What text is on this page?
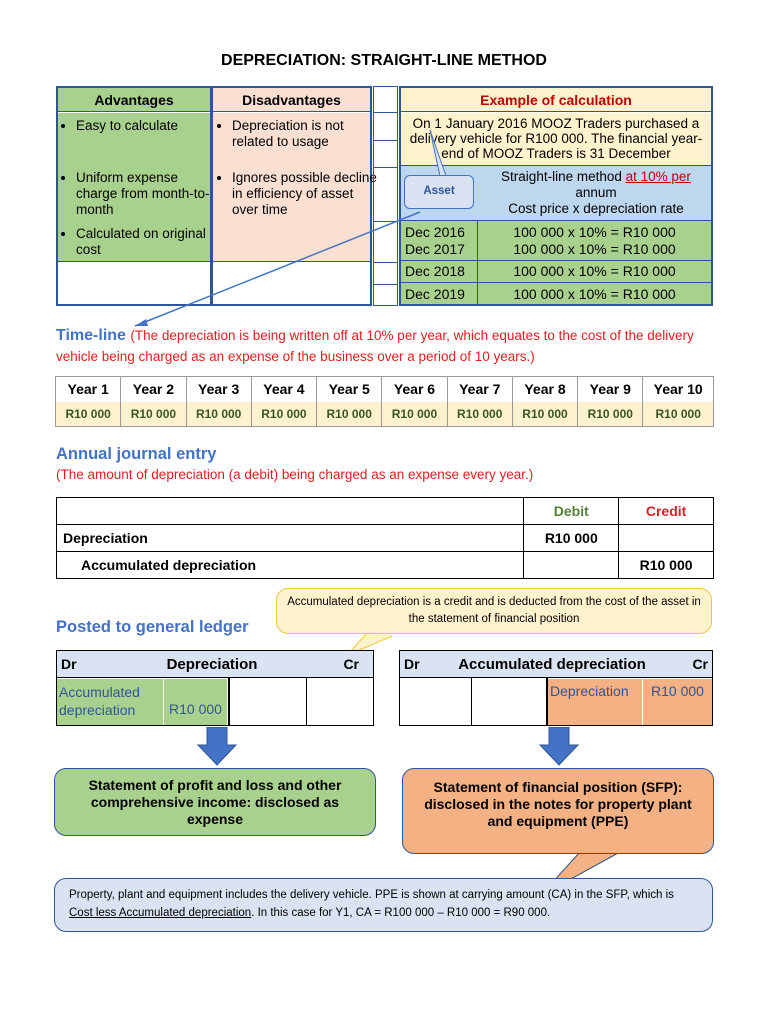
DEPRECIATION: STRAIGHT-LINE METHOD
Advantages	Disadvantages
• Easy to calculate
• Uniform expense charge from month-to-month
• Calculated on original cost
• Depreciation is not related to usage
• Ignores possible decline in efficiency of asset over time
Example of calculation
On 1 January 2016 MOOZ Traders purchased a delivery vehicle for R100 000. The financial year-end of MOOZ Traders is 31 December
Straight-line method at 10% per
annum
Cost price x depreciation rate
Dec 2016	100 000 x 10% = R10 000
Dec 2017	100 000 x 10% = R10 000
Dec 2018	100 000 x 10% = R10 000
Dec 2019	100 000 x 10% = R10 000
Asset
Time-line (The depreciation is being written off at 10% per year, which equates to the cost of the delivery vehicle being charged as an expense of the business over a period of 10 years.)
Year 1	Year 2	Year 3	Year 4	Year 5	Year 6	Year 7	Year 8	Year 9	Year 10
R10 000	R10 000	R10 000	R10 000	R10 000	R10 000	R10 000	R10 000	R10 000	R10 000
Annual journal entry
(The amount of depreciation (a debit) being charged as an expense every year.)
	Debit	Credit
Depreciation	R10 000	
Accumulated depreciation		R10 000
Posted to general ledger
Accumulated depreciation is a credit and is deducted from the cost of the asset in the statement of financial position
Dr	Depreciation	Cr
Accumulated depreciation	R10 000
Dr	Accumulated depreciation	Cr
Depreciation	R10 000
Statement of profit and loss and other comprehensive income: disclosed as expense
Statement of financial position (SFP): disclosed in the notes for property plant and equipment (PPE)
Property, plant and equipment includes the delivery vehicle. PPE is shown at carrying amount (CA) in the SFP, which is Cost less Accumulated depreciation. In this case for Y1, CA = R100 000 – R10 000 = R90 000.
